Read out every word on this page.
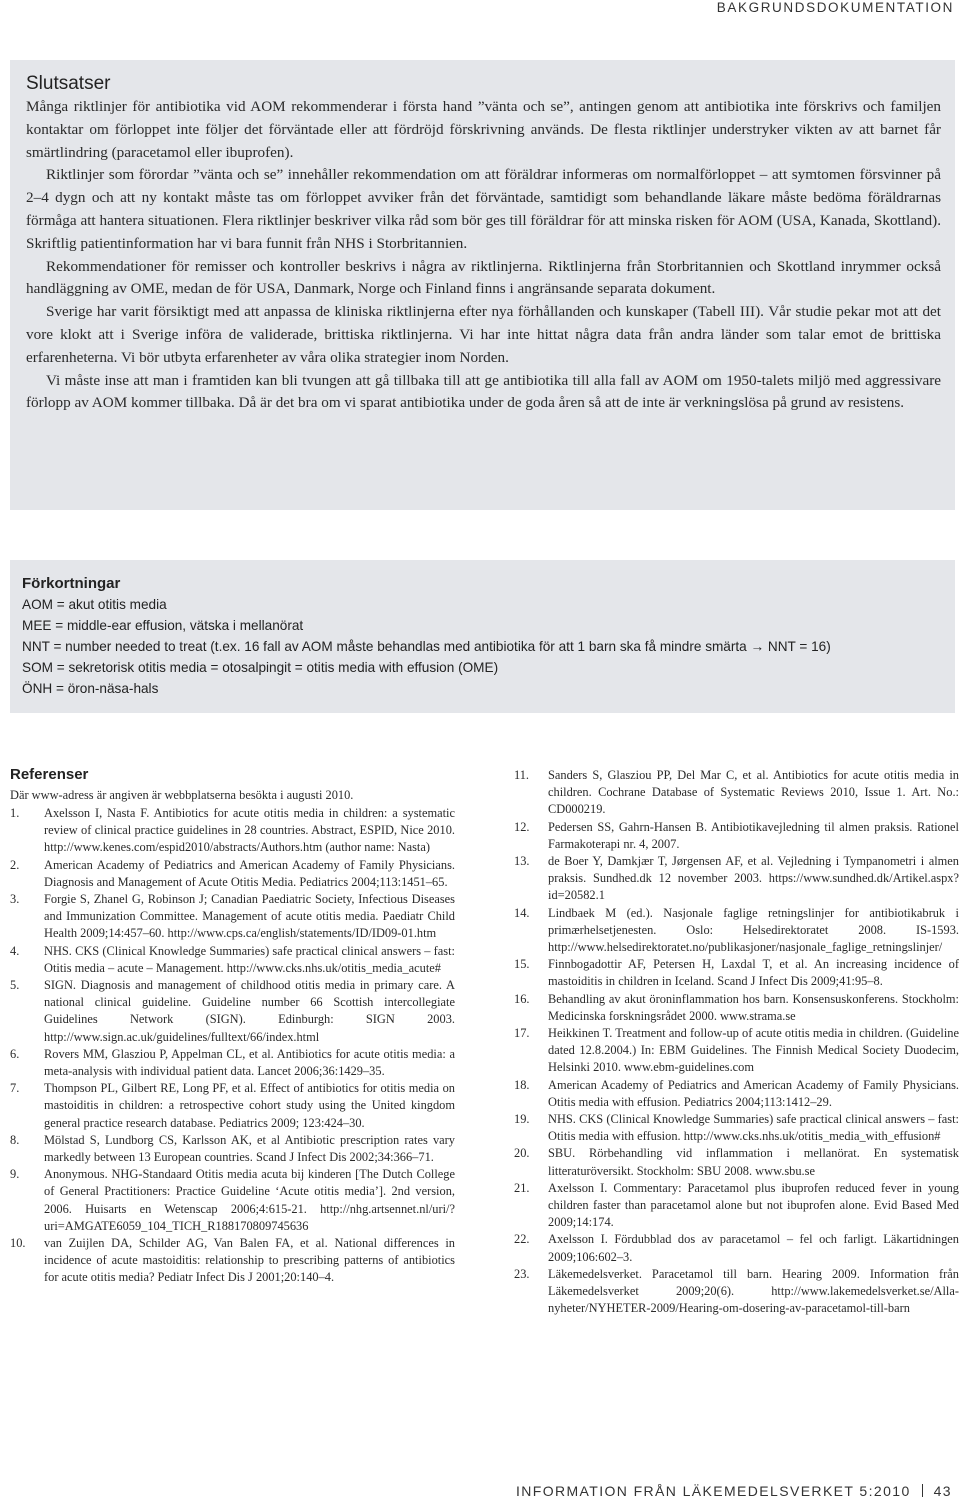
BAKGRUNDSDOKUMENTATION
Slutsatser

Många riktlinjer för antibiotika vid AOM rekommenderar i första hand ”vänta och se”, antingen genom att antibiotika inte förskrivs och familjen kontaktar om förloppet inte följer det förväntade eller att fördröjd förskrivning används. De flesta riktlinjer understryker vikten av att barnet får smärtlindring (paracetamol eller ibuprofen).

Riktlinjer som förordar ”vänta och se” innehåller rekommendation om att föräldrar informeras om normalförloppet – att symtomen försvinner på 2–4 dygn och att ny kontakt måste tas om förloppet avviker från det förväntade, samtidigt som behandlande läkare måste bedöma föräldrarnas förmåga att hantera situationen. Flera riktlinjer beskriver vilka råd som bör ges till föräldrar för att minska risken för AOM (USA, Kanada, Skottland). Skriftlig patientinformation har vi bara funnit från NHS i Storbritannien.

Rekommendationer för remisser och kontroller beskrivs i några av riktlinjerna. Riktlinjerna från Storbritannien och Skottland inrymmer också handläggning av OME, medan de för USA, Danmark, Norge och Finland finns i angränsande separata dokument.

Sverige har varit försiktigt med att anpassa de kliniska riktlinjerna efter nya förhållanden och kunskaper (Tabell III). Vår studie pekar mot att det vore klokt att i Sverige införa de validerade, brittiska riktlinjerna. Vi har inte hittat några data från andra länder som talar emot de brittiska erfarenheterna. Vi bör utbyta erfarenheter av våra olika strategier inom Norden.

Vi måste inse att man i framtiden kan bli tvungen att gå tillbaka till att ge antibiotika till alla fall av AOM om 1950-talets miljö med aggressivare förlopp av AOM kommer tillbaka. Då är det bra om vi sparat antibiotika under de goda åren så att de inte är verkningslösa på grund av resistens.

Förkortningar
AOM = akut otitis media
MEE = middle-ear effusion, vätska i mellanörat
NNT = number needed to treat (t.ex. 16 fall av AOM måste behandlas med antibiotika för att 1 barn ska få mindre smärta → NNT = 16)
SOM = sekretorisk otitis media = otosalpingit = otitis media with effusion (OME)
ÖNH = öron-näsa-hals
Referenser
Där www-adress är angiven är webbplatserna besökta i augusti 2010.
1.	Axelsson I, Nasta F. Antibiotics for acute otitis media in children: a systematic review of clinical practice guidelines in 28 countries. Abstract, ESPID, Nice 2010. http://www.kenes.com/espid2010/abstracts/Authors.htm (author name: Nasta)
2.	American Academy of Pediatrics and American Academy of Family Physicians. Diagnosis and Management of Acute Otitis Media. Pediatrics 2004;113:1451–65.
3.	Forgie S, Zhanel G, Robinson J; Canadian Paediatric Society, Infectious Diseases and Immunization Committee. Management of acute otitis media. Paediatr Child Health 2009;14:457–60. http://www.cps.ca/english/statements/ID/ID09-01.htm
4.	NHS. CKS (Clinical Knowledge Summaries) safe practical clinical answers – fast: Otitis media – acute – Management. http://www.cks.nhs.uk/otitis_media_acute#
5.	SIGN. Diagnosis and management of childhood otitis media in primary care. A national clinical guideline. Guideline number 66 Scottish intercollegiate Guidelines Network (SIGN). Edinburgh: SIGN 2003. http://www.sign.ac.uk/guidelines/fulltext/66/index.html
6.	Rovers MM, Glasziou P, Appelman CL, et al. Antibiotics for acute otitis media: a meta-analysis with individual patient data. Lancet 2006;36:1429–35.
7.	Thompson PL, Gilbert RE, Long PF, et al. Effect of antibiotics for otitis media on mastoiditis in children: a retrospective cohort study using the United kingdom general practice research database. Pediatrics 2009; 123:424–30.
8.	Mölstad S, Lundborg CS, Karlsson AK, et al Antibiotic prescription rates vary markedly between 13 European countries. Scand J Infect Dis 2002;34:366–71.
9.	Anonymous. NHG-Standaard Otitis media acuta bij kinderen [The Dutch College of General Practitioners: Practice Guideline ‘Acute otitis media’]. 2nd version, 2006. Huisarts en Wetenscap 2006;4:615-21. http://nhg.artsennet.nl/uri/?uri=AMGATE6059_104_TICH_R188170809745636
10.	van Zuijlen DA, Schilder AG, Van Balen FA, et al. National differences in incidence of acute mastoiditis: relationship to prescribing patterns of antibiotics for acute otitis media? Pediatr Infect Dis J 2001;20:140–4.
11.	Sanders S, Glasziou PP, Del Mar C, et al. Antibiotics for acute otitis media in children. Cochrane Database of Systematic Reviews 2010, Issue 1. Art. No.: CD000219.
12.	Pedersen SS, Gahrn-Hansen B. Antibiotikavejledning til almen praksis. Rationel Farmakoterapi nr. 4, 2007.
13.	de Boer Y, Damkjær T, Jørgensen AF, et al. Vejledning i Tympanometri i almen praksis. Sundhed.dk 12 november 2003. https://www.sundhed.dk/Artikel.aspx?id=20582.1
14.	Lindbaek M (ed.). Nasjonale faglige retningslinjer for antibiotikabruk i primærhelsetjenesten. Oslo: Helsedirektoratet 2008. IS-1593. http://www.helsedirektoratet.no/publikasjoner/nasjonale_faglige_retningslinjer/
15.	Finnbogadottir AF, Petersen H, Laxdal T, et al. An increasing incidence of mastoiditis in children in Iceland. Scand J Infect Dis 2009;41:95–8.
16.	Behandling av akut öroninflammation hos barn. Konsensuskonferens. Stockholm: Medicinska forskningsrådet 2000. www.strama.se
17.	Heikkinen T. Treatment and follow-up of acute otitis media in children. (Guideline dated 12.8.2004.) In: EBM Guidelines. The Finnish Medical Society Duodecim, Helsinki 2010. www.ebm-guidelines.com
18.	American Academy of Pediatrics and American Academy of Family Physicians. Otitis media with effusion. Pediatrics 2004;113:1412–29.
19.	NHS. CKS (Clinical Knowledge Summaries) safe practical clinical answers – fast: Otitis media with effusion. http://www.cks.nhs.uk/otitis_media_with_effusion#
20.	SBU. Rörbehandling vid inflammation i mellanörat. En systematisk litteraturöversikt. Stockholm: SBU 2008. www.sbu.se
21.	Axelsson I. Commentary: Paracetamol plus ibuprofen reduced fever in young children faster than paracetamol alone but not ibuprofen alone. Evid Based Med 2009;14:174.
22.	Axelsson I. Fördubblad dos av paracetamol – fel och farligt. Läkartidningen 2009;106:602–3.
23.	Läkemedelsverket. Paracetamol till barn. Hearing 2009. Information från Läkemedelsverket 2009;20(6). http://www.lakemedelsverket.se/Alla-nyheter/NYHETER-2009/Hearing-om-dosering-av-paracetamol-till-barn
INFORMATION FRÅN LÄKEMEDELSVERKET 5:2010 43
